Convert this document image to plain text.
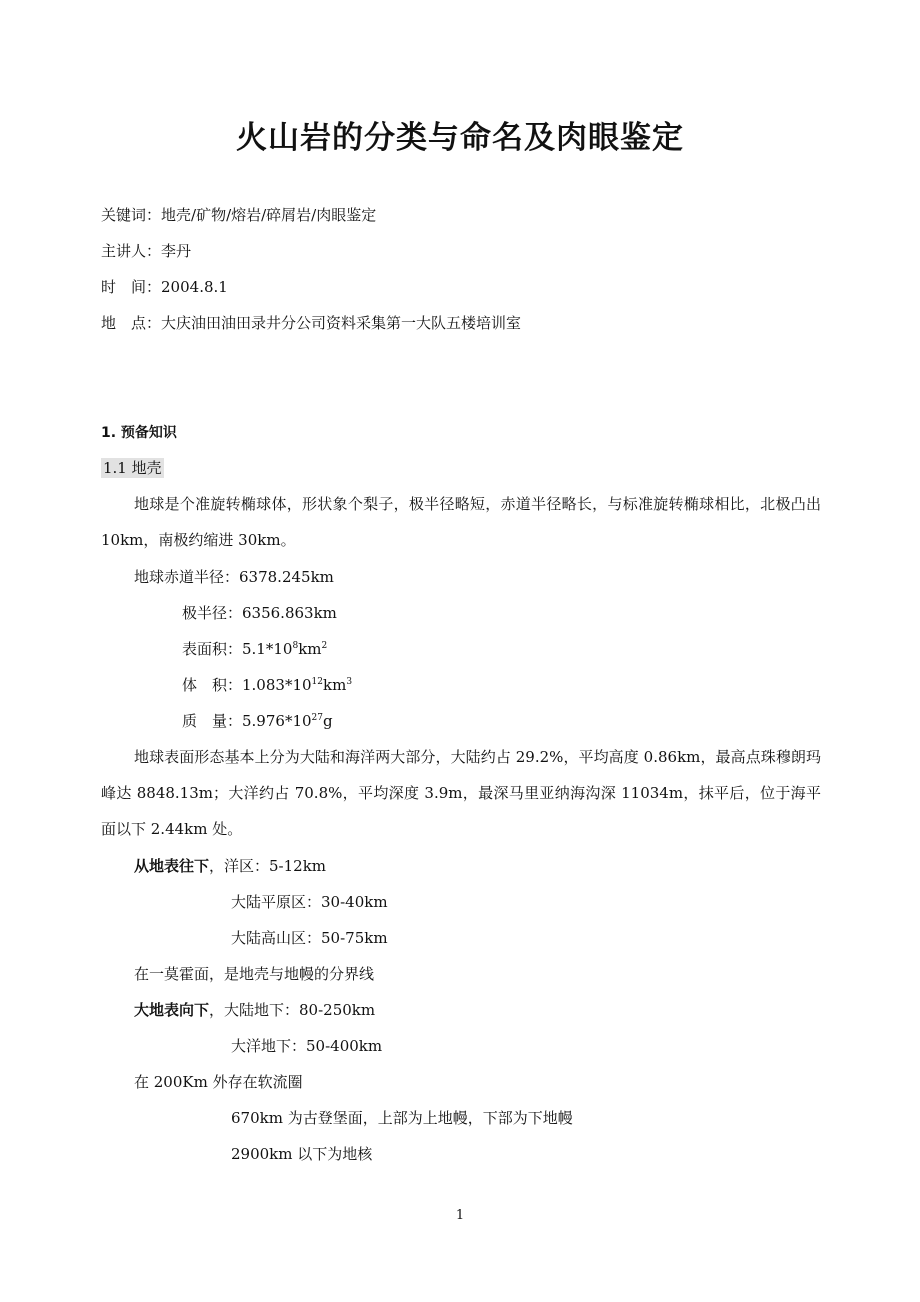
火山岩的分类与命名及肉眼鉴定
关键词：地壳/矿物/熔岩/碎屑岩/肉眼鉴定
主讲人：李丹
时　间：2004.8.1
地　点：大庆油田油田录井分公司资料采集第一大队五楼培训室
1. 预备知识
1.1 地壳
地球是个准旋转椭球体，形状象个梨子，极半径略短，赤道半径略长，与标准旋转椭球相比，北极凸出 10km，南极约缩进 30km。
地球赤道半径：6378.245km
极半径：6356.863km
表面积：$5.1*10^8km^2$
体　积：$1.083*10^{12}km^3$
质　量：$5.976*10^{27}g$
地球表面形态基本上分为大陆和海洋两大部分，大陆约占 29.2%，平均高度 0.86km，最高点珠穆朗玛峰达 8848.13m；大洋约占 70.8%，平均深度 3.9m，最深马里亚纳海沟深 11034m，抹平后，位于海平面以下 2.44km 处。
从地表往下，洋区：5-12km
大陆平原区：30-40km
大陆高山区：50-75km
在一莫霍面，是地壳与地幔的分界线
大地表向下，大陆地下：80-250km
大洋地下：50-400km
在 200Km 外存在软流圈
670km 为古登堡面，上部为上地幔，下部为下地幔
2900km 以下为地核
1
